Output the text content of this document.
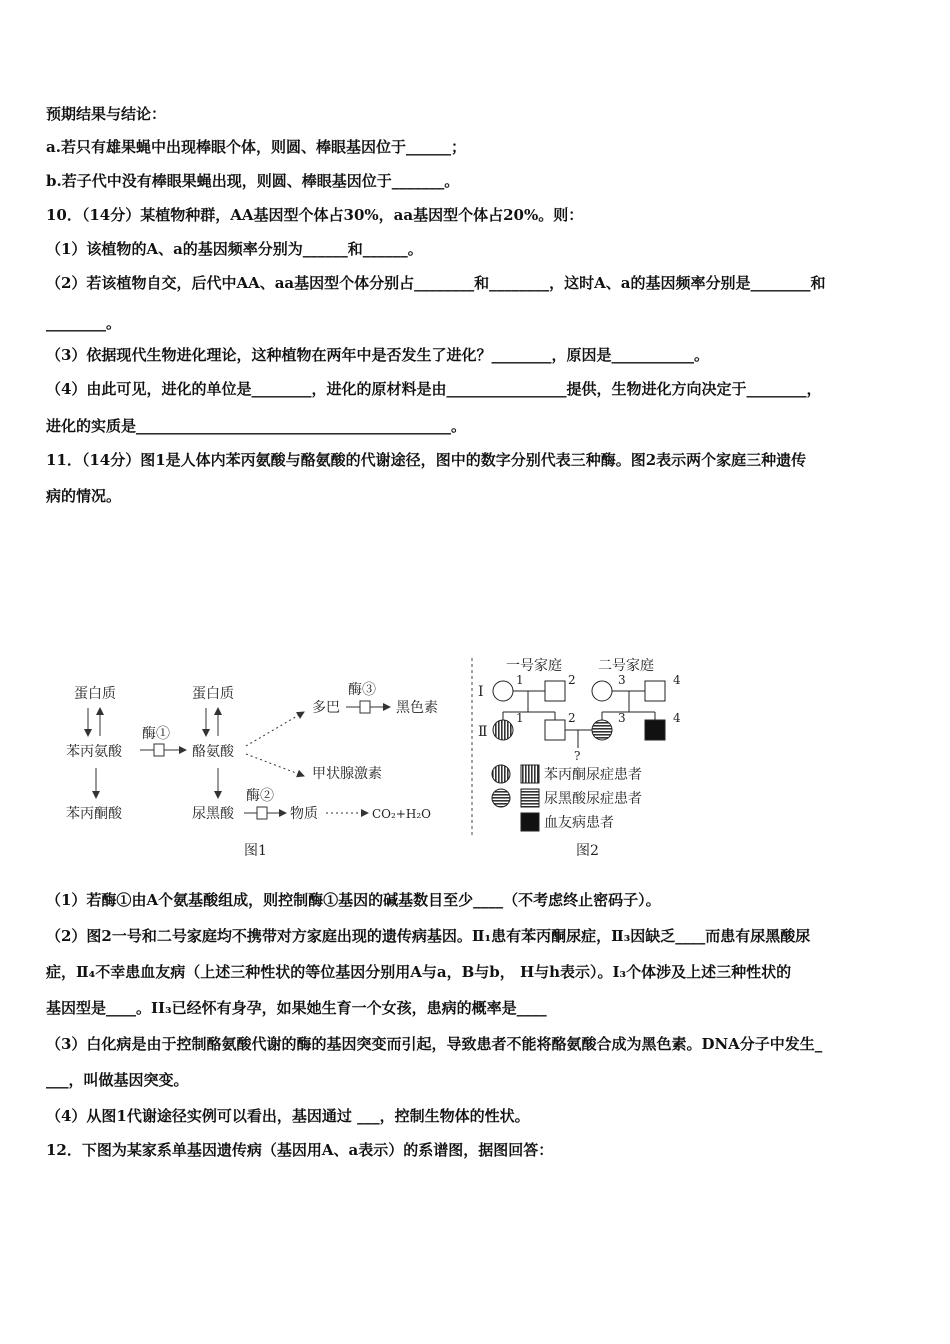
预期结果与结论：
a.若只有雄果蝇中出现棒眼个体，则圆、棒眼基因位于______；
b.若子代中没有棒眼果蝇出现，则圆、棒眼基因位于_______。
10．（14分）某植物种群，AA基因型个体占30%，aa基因型个体占20%。则：
（1）该植物的A、a的基因频率分别为______和______。
（2）若该植物自交，后代中AA、aa基因型个体分别占________和________，这时A、a的基因频率分别是________和
________。
（3）依据现代生物进化理论，这种植物在两年中是否发生了进化？________，原因是___________。
（4）由此可见，进化的单位是________，进化的原材料是由________________提供，生物进化方向决定于________，
进化的实质是__________________________________________。
11．（14分）图1是人体内苯丙氨酸与酪氨酸的代谢途径，图中的数字分别代表三种酶。图2表示两个家庭三种遗传
病的情况。
蛋白质	蛋白质
苯丙氨酸	酪氨酸
酶①
苯丙酮酸	尿黑酸
酶②
物质	CO₂+H₂O
多巴
酶③
黑色素
甲状腺激素
图1
一号家庭	二号家庭
Ⅰ
Ⅱ
1	2
1	2
3	4
3	4
?
苯丙酮尿症患者
尿黑酸尿症患者
血友病患者
图2
（1）若酶①由A个氨基酸组成，则控制酶①基因的碱基数目至少____（不考虑终止密码子）。
（2）图2一号和二号家庭均不携带对方家庭出现的遗传病基因。Ⅱ₁患有苯丙酮尿症，Ⅱ₃因缺乏____而患有尿黑酸尿
症，Ⅱ₄不幸患血友病（上述三种性状的等位基因分别用A与a，B与b， H与h表示）。I₃个体涉及上述三种性状的
基因型是____。II₃已经怀有身孕，如果她生育一个女孩，患病的概率是____
（3）白化病是由于控制酪氨酸代谢的酶的基因突变而引起，导致患者不能将酪氨酸合成为黑色素。DNA分子中发生_
___，叫做基因突变。
（4）从图1代谢途径实例可以看出，基因通过 ___，控制生物体的性状。
12．下图为某家系单基因遗传病（基因用A、a表示）的系谱图，据图回答：
